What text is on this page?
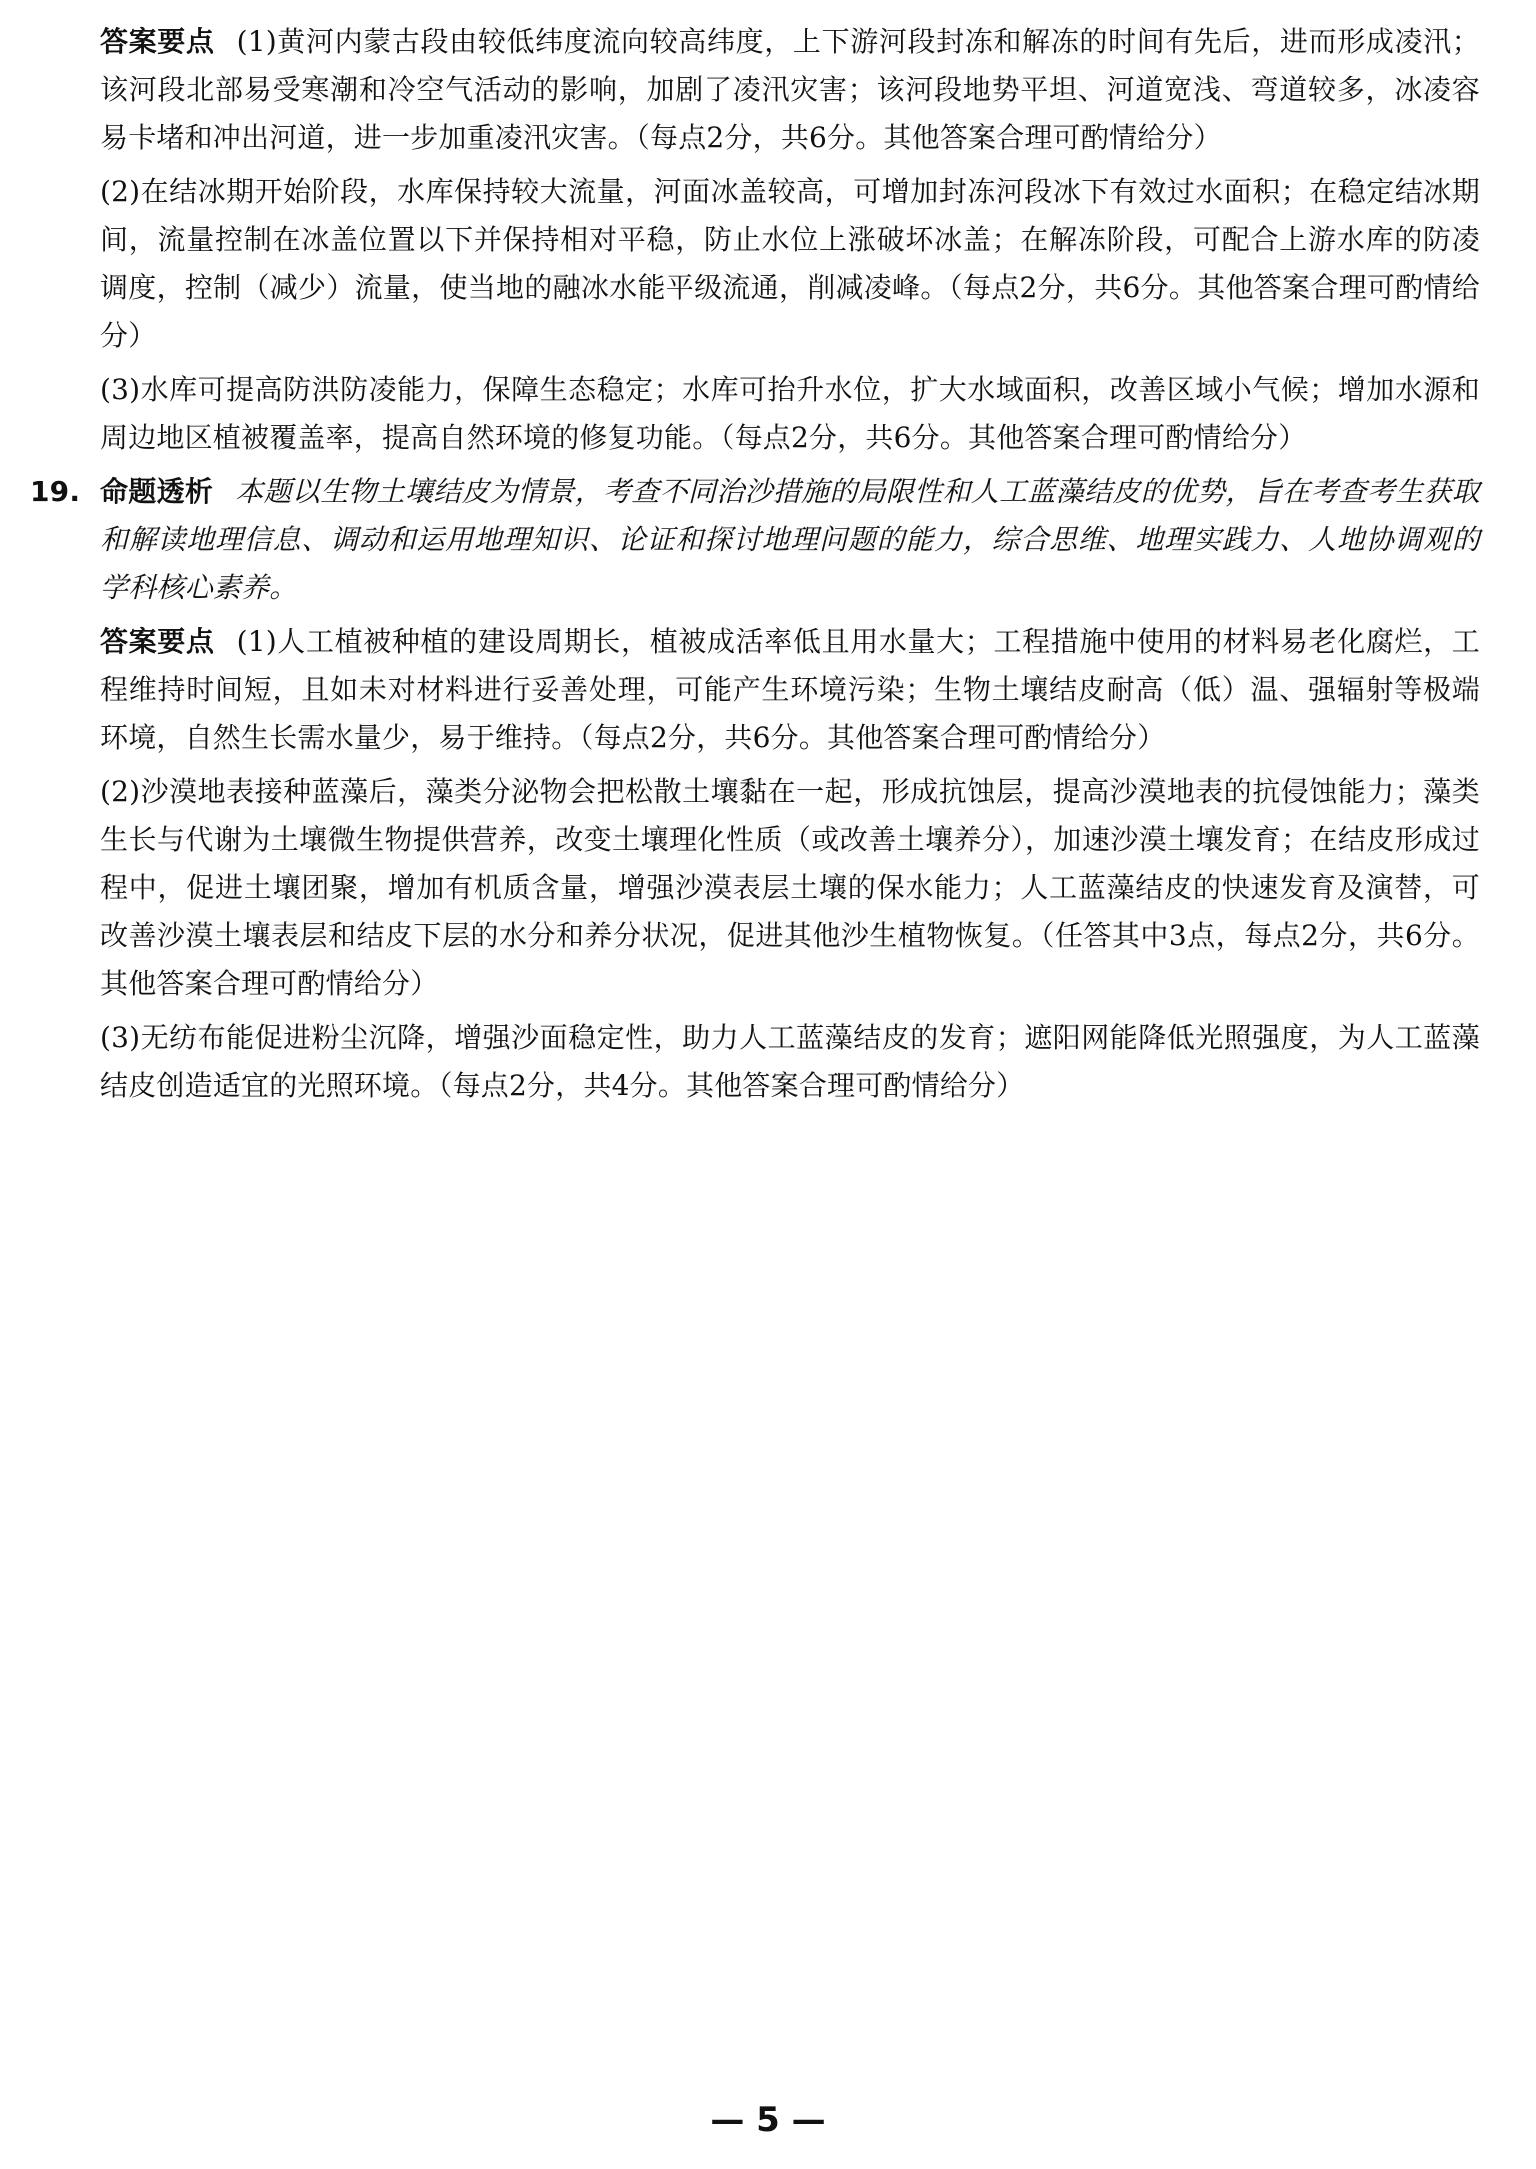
答案要点 (1)黄河内蒙古段由较低纬度流向较高纬度，上下游河段封冻和解冻的时间有先后，进而形成凌汛；该河段北部易受寒潮和冷空气活动的影响，加剧了凌汛灾害；该河段地势平坦、河道宽浅、弯道较多，冰凌容易卡堵和冲出河道，进一步加重凌汛灾害。（每点2分，共6分。其他答案合理可酌情给分）

(2)在结冰期开始阶段，水库保持较大流量，河面冰盖较高，可增加封冻河段冰下有效过水面积；在稳定结冰期间，流量控制在冰盖位置以下并保持相对平稳，防止水位上涨破坏冰盖；在解冻阶段，可配合上游水库的防凌调度，控制（减少）流量，使当地的融冰水能平级流通，削减凌峰。（每点2分，共6分。其他答案合理可酌情给分）

(3)水库可提高防洪防凌能力，保障生态稳定；水库可抬升水位，扩大水域面积，改善区域小气候；增加水源和周边地区植被覆盖率，提高自然环境的修复功能。（每点2分，共6分。其他答案合理可酌情给分）

19. 命题透析 本题以生物土壤结皮为情景，考查不同治沙措施的局限性和人工蓝藻结皮的优势，旨在考查考生获取和解读地理信息、调动和运用地理知识、论证和探讨地理问题的能力，综合思维、地理实践力、人地协调观的学科核心素养。

答案要点 (1)人工植被种植的建设周期长，植被成活率低且用水量大；工程措施中使用的材料易老化腐烂，工程维持时间短，且如未对材料进行妥善处理，可能产生环境污染；生物土壤结皮耐高（低）温、强辐射等极端环境，自然生长需水量少，易于维持。（每点2分，共6分。其他答案合理可酌情给分）

(2)沙漠地表接种蓝藻后，藻类分泌物会把松散土壤黏在一起，形成抗蚀层，提高沙漠地表的抗侵蚀能力；藻类生长与代谢为土壤微生物提供营养，改变土壤理化性质（或改善土壤养分），加速沙漠土壤发育；在结皮形成过程中，促进土壤团聚，增加有机质含量，增强沙漠表层土壤的保水能力；人工蓝藻结皮的快速发育及演替，可改善沙漠土壤表层和结皮下层的水分和养分状况，促进其他沙生植物恢复。（任答其中3点，每点2分，共6分。其他答案合理可酌情给分）

(3)无纺布能促进粉尘沉降，增强沙面稳定性，助力人工蓝藻结皮的发育；遮阳网能降低光照强度，为人工蓝藻结皮创造适宜的光照环境。（每点2分，共4分。其他答案合理可酌情给分）

— 5 —
